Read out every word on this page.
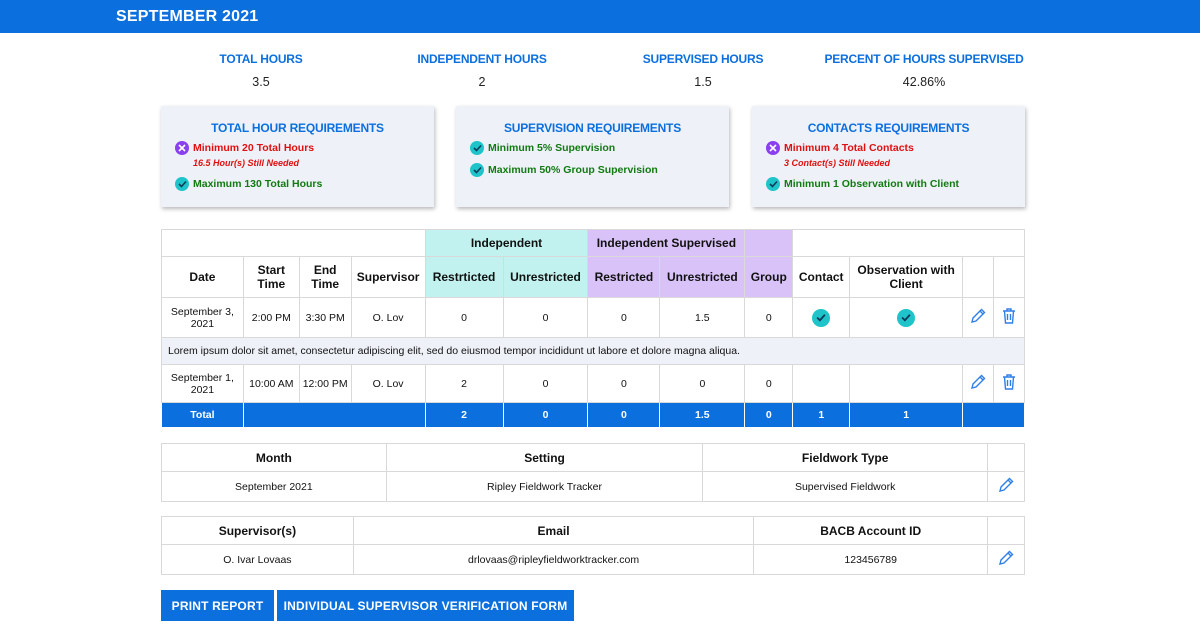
SEPTEMBER 2021
TOTAL HOURS
3.5
INDEPENDENT HOURS
2
SUPERVISED HOURS
1.5
PERCENT OF HOURS SUPERVISED
42.86%
TOTAL HOUR REQUIREMENTS
Minimum 20 Total Hours
16.5 Hour(s) Still Needed
Maximum 130 Total Hours
SUPERVISION REQUIREMENTS
Minimum 5% Supervision
Maximum 50% Group Supervision
CONTACTS REQUIREMENTS
Minimum 4 Total Contacts
3 Contact(s) Still Needed
Minimum 1 Observation with Client
				Independent		Independent Supervised						
Date	Start Time	End Time	Supervisor	Restrticted	Unrestricted	Restricted	Unrestricted	Group	Contact	Observation with Client		
September 3, 2021	2:00 PM	3:30 PM	O. Lov	0	0	0	1.5	0	

Lorem ipsum dolor sit amet, consectetur adipiscing elit, sed do eiusmod tempor incididunt ut labore et dolore magna aliqua.												
September 1, 2021	10:00 AM	12:00 PM	O. Lov	2	0	0	0	0			

Total				2	0	0	1.5	0	1	1		
Month	Setting	Fieldwork Type	
September 2021	Ripley Fieldwork Tracker	Supervised Fieldwork	
Supervisor(s)	Email	BACB Account ID	
O. Ivar Lovaas	drlovaas@ripleyfieldworktracker.com	123456789	
PRINT REPORT	INDIVIDUAL SUPERVISOR VERIFICATION FORM
